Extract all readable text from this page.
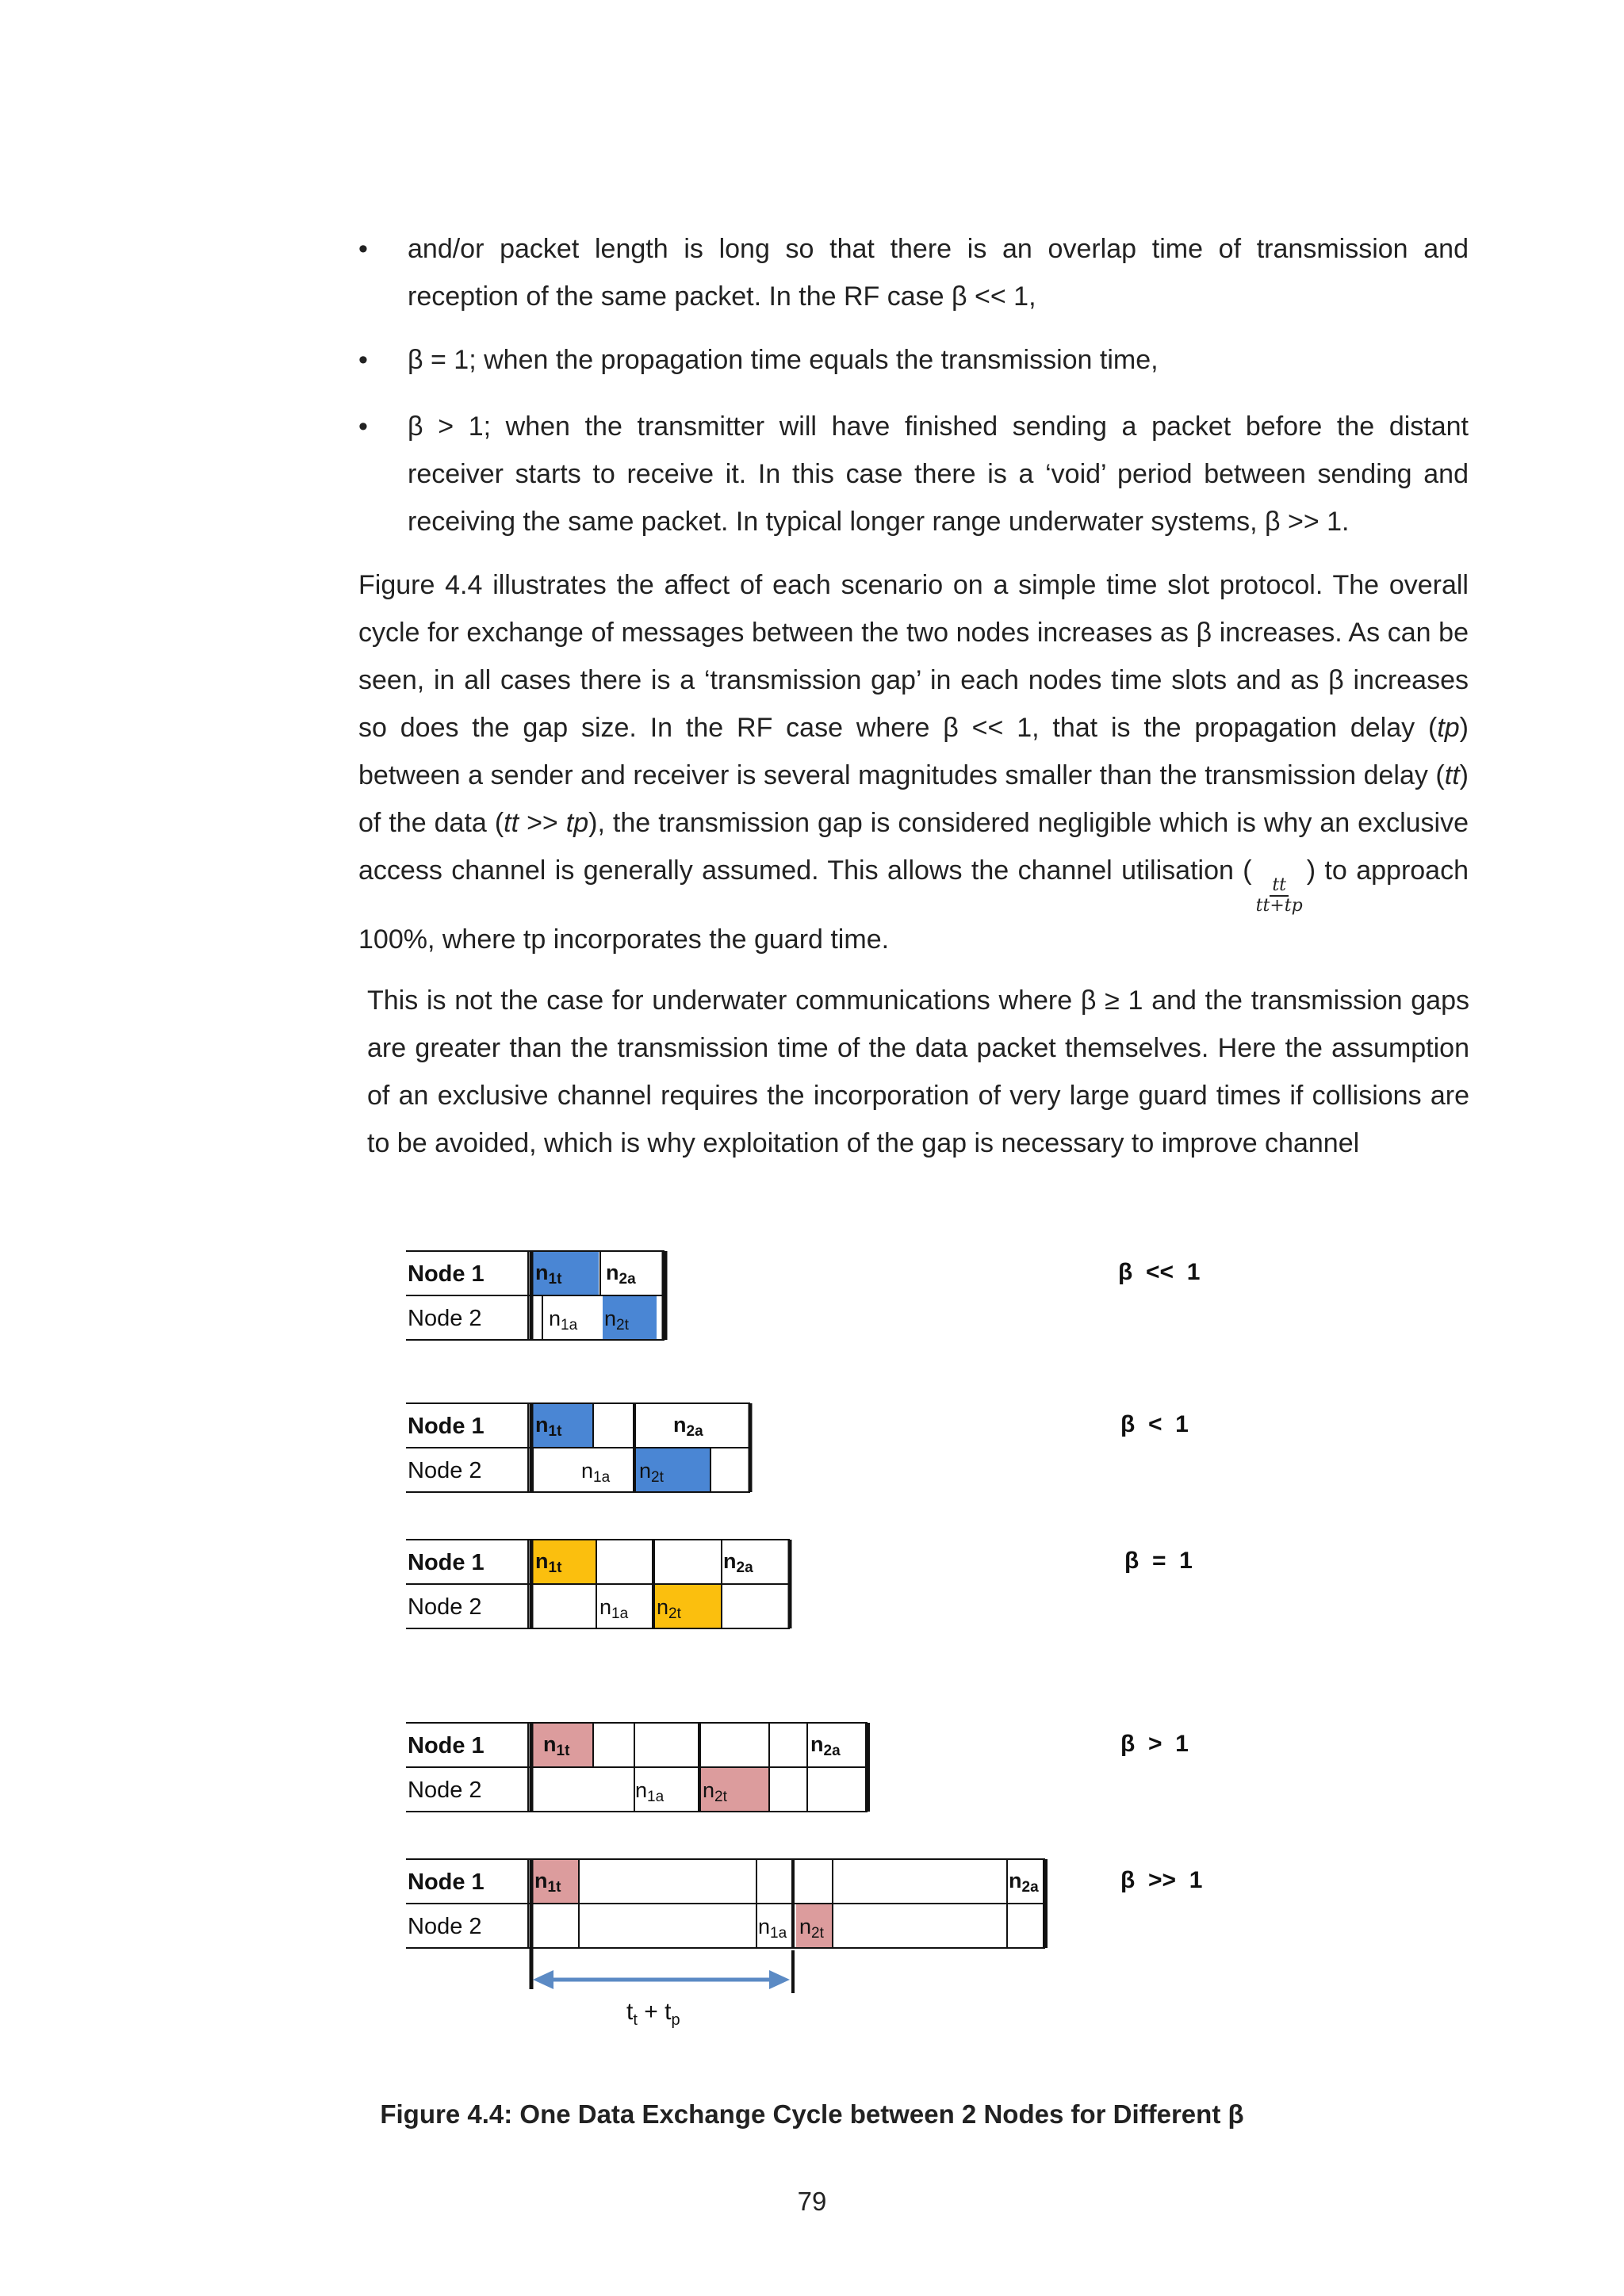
•	and/or packet length is long so that there is an overlap time of transmission and reception of the same packet. In the RF case β << 1,
•	β = 1; when the propagation time equals the transmission time,
•	β > 1; when the transmitter will have finished sending a packet before the distant receiver starts to receive it. In this case there is a ‘void’ period between sending and receiving the same packet. In typical longer range underwater systems, β >> 1.
Figure 4.4 illustrates the affect of each scenario on a simple time slot protocol. The overall cycle for exchange of messages between the two nodes increases as β increases. As can be seen, in all cases there is a ‘transmission gap’ in each nodes time slots and as β increases so does the gap size. In the RF case where β << 1, that is the propagation delay (tp) between a sender and receiver is several magnitudes smaller than the transmission delay (tt) of the data (tt >> tp), the transmission gap is considered negligible which is why an exclusive access channel is generally assumed. This allows the channel utilisation (
$\frac{tt}{tt+tp}$
) to approach 100%, where tp incorporates the guard time.
This is not the case for underwater communications where β ≥ 1 and the transmission gaps are greater than the transmission time of the data packet themselves. Here the assumption of an exclusive channel requires the incorporation of very large guard times if collisions are to be avoided, which is why exploitation of the gap is necessary to improve channel
Node 1
Node 2
n1t n2a
n1a n2t
β  <<  1
Node 1
Node 2
n1t	n2a
n1a n2t
β  <  1
Node 1
Node 2
n1t	n2a
n1a n2t
β  =  1
Node 1
Node 2
n1t	n2a
n1a n2t
β  >  1
Node 1
Node 2
n1t	n2a
n1a n2t
β  >>  1
$t_t + t_p$
Figure 4.4: One Data Exchange Cycle between 2 Nodes for Different β
79
